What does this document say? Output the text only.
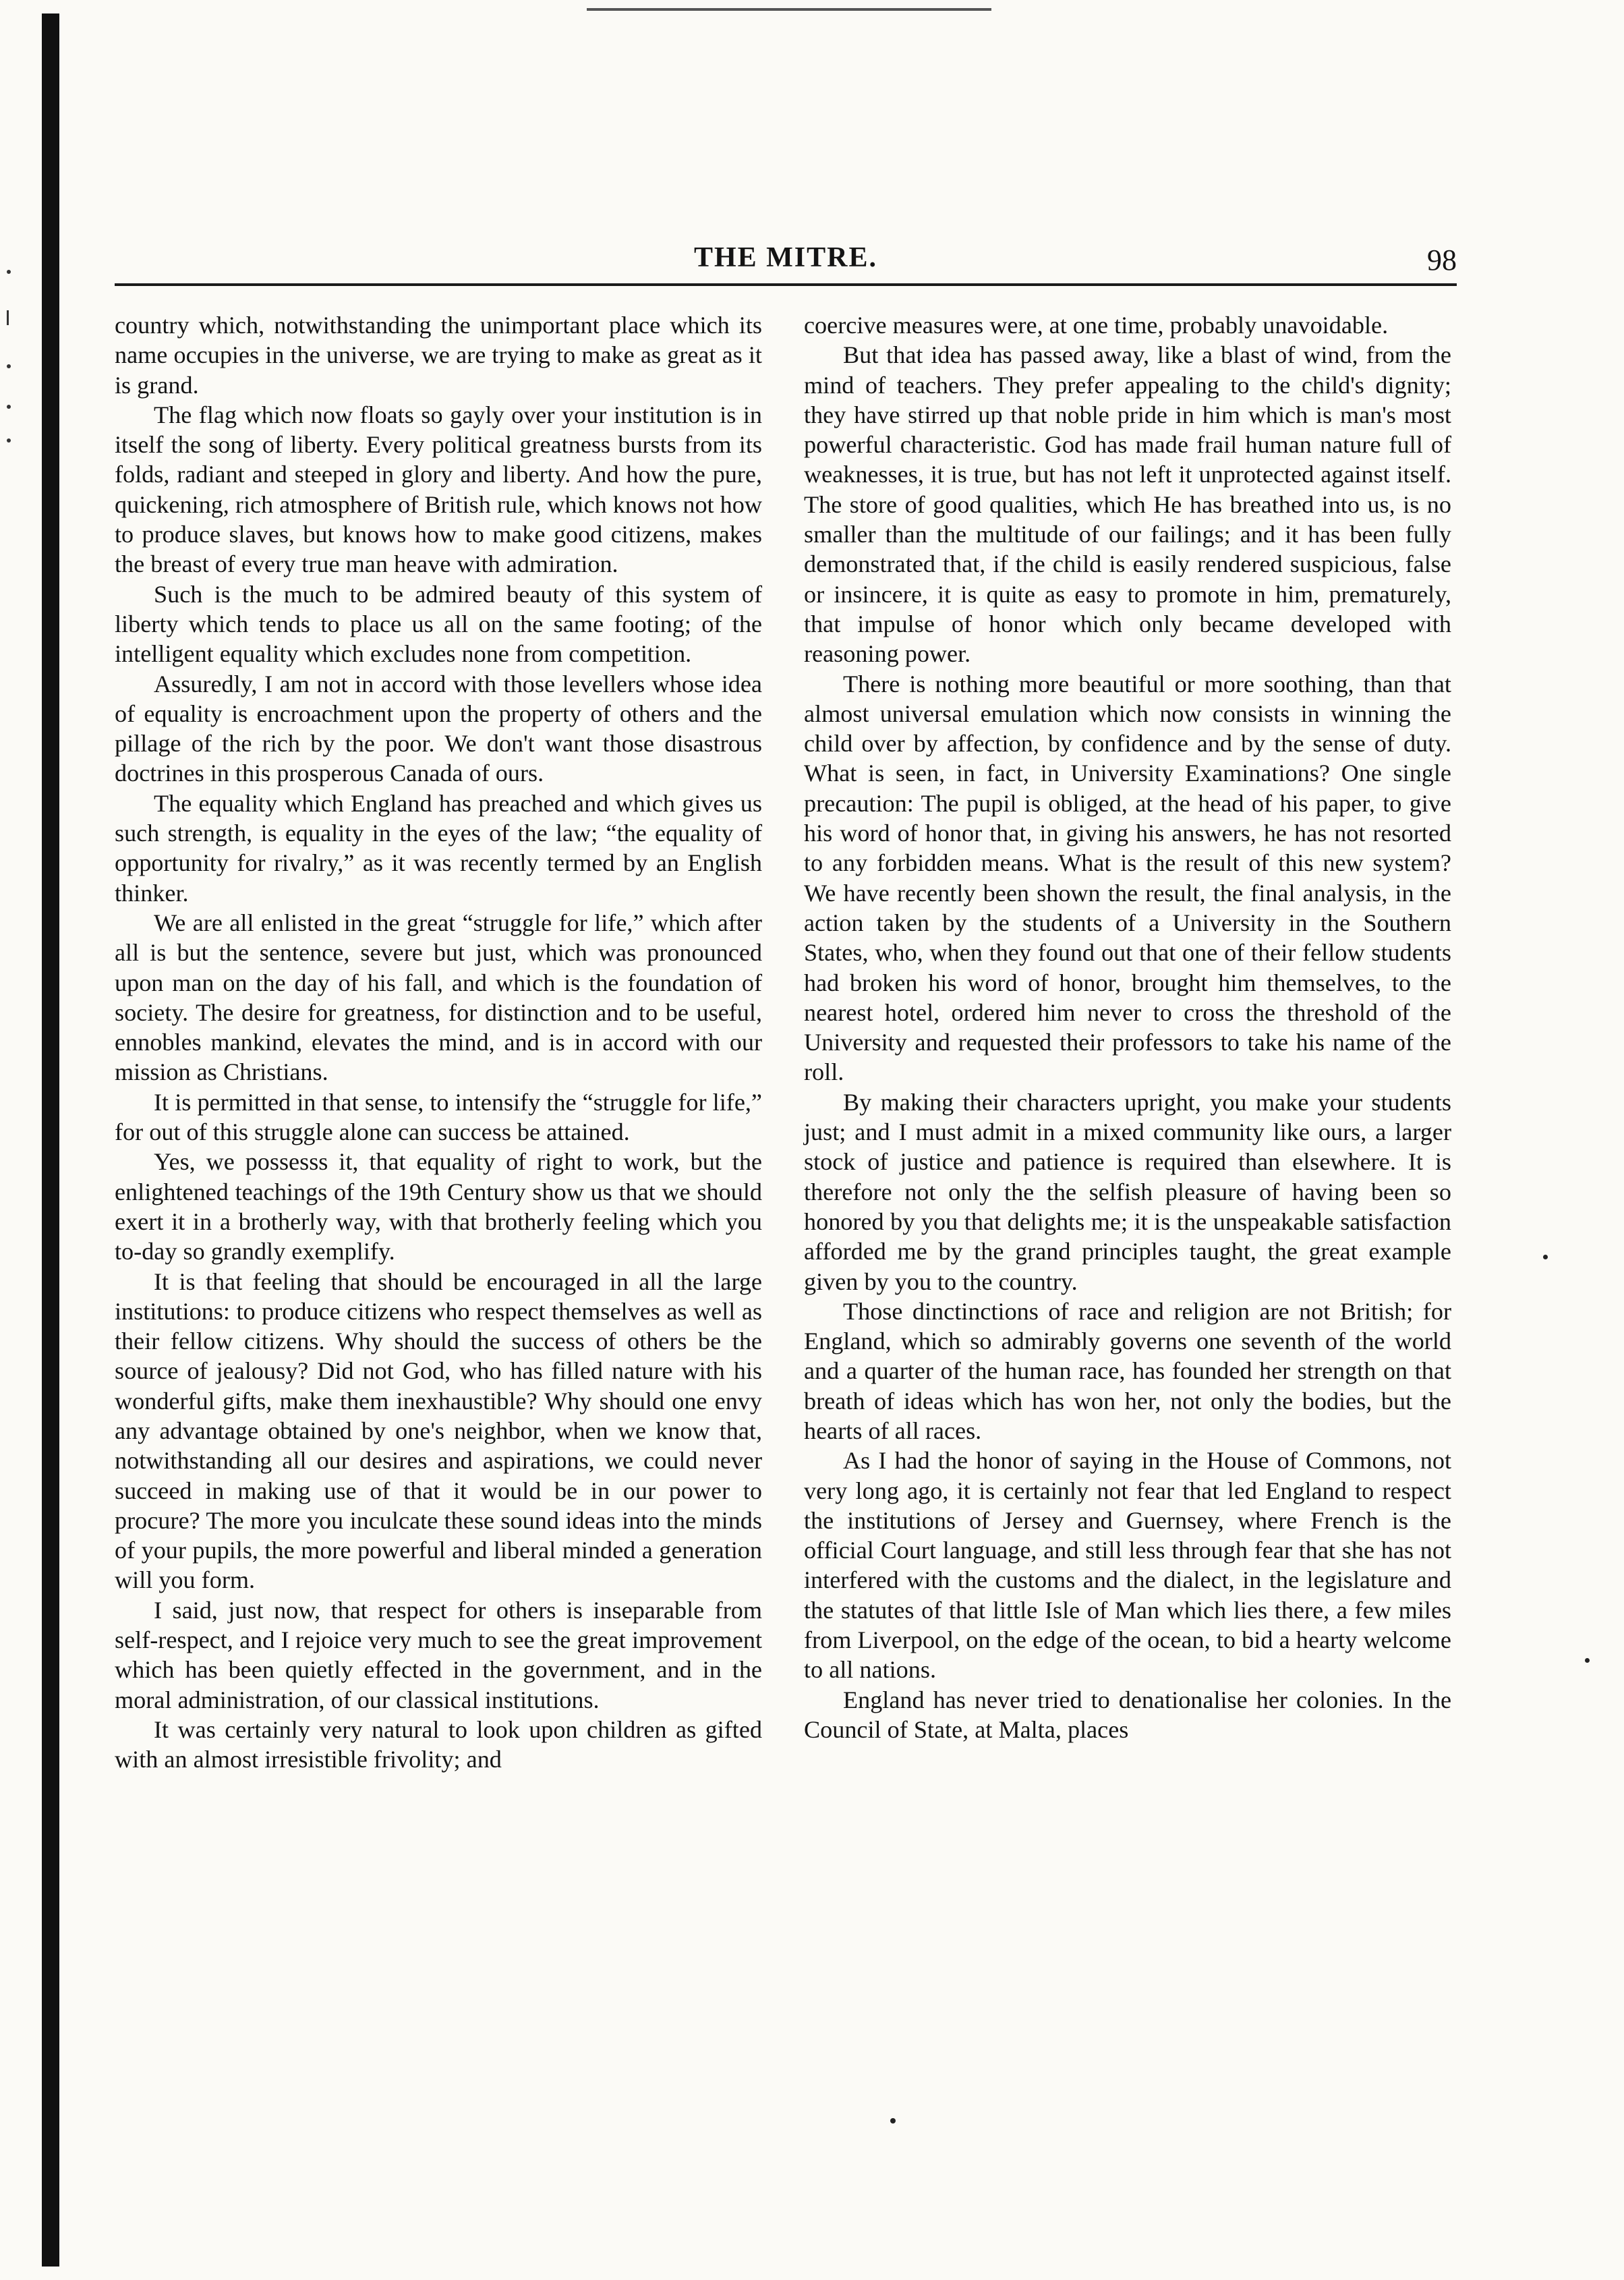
THE MITRE.	98

country which, notwithstanding the unimportant place which its name occupies in the universe, we are trying to make as great as it is grand.

The flag which now floats so gayly over your institution is in itself the song of liberty. Every political greatness bursts from its folds, radiant and steeped in glory and liberty. And how the pure, quickening, rich atmosphere of British rule, which knows not how to produce slaves, but knows how to make good citizens, makes the breast of every true man heave with admiration.

Such is the much to be admired beauty of this system of liberty which tends to place us all on the same footing; of the intelligent equality which excludes none from competition.

Assuredly, I am not in accord with those levellers whose idea of equality is encroachment upon the property of others and the pillage of the rich by the poor. We don't want those disastrous doctrines in this prosperous Canada of ours.

The equality which England has preached and which gives us such strength, is equality in the eyes of the law; “the equality of opportunity for rivalry,” as it was recently termed by an English thinker.

We are all enlisted in the great “struggle for life,” which after all is but the sentence, severe but just, which was pronounced upon man on the day of his fall, and which is the foundation of society. The desire for greatness, for distinction and to be useful, ennobles mankind, elevates the mind, and is in accord with our mission as Christians.

It is permitted in that sense, to intensify the “struggle for life,” for out of this struggle alone can success be attained.

Yes, we possesss it, that equality of right to work, but the enlightened teachings of the 19th Century show us that we should exert it in a brotherly way, with that brotherly feeling which you to-day so grandly exemplify.

It is that feeling that should be encouraged in all the large institutions: to produce citizens who respect themselves as well as their fellow citizens. Why should the success of others be the source of jealousy? Did not God, who has filled nature with his wonderful gifts, make them inexhaustible? Why should one envy any advantage obtained by one's neighbor, when we know that, notwithstanding all our desires and aspirations, we could never succeed in making use of that it would be in our power to procure? The more you inculcate these sound ideas into the minds of your pupils, the more powerful and liberal minded a generation will you form.

I said, just now, that respect for others is inseparable from self-respect, and I rejoice very much to see the great improvement which has been quietly effected in the government, and in the moral administration, of our classical institutions.

It was certainly very natural to look upon children as gifted with an almost irresistible frivolity; and

coercive measures were, at one time, probably unavoidable.

But that idea has passed away, like a blast of wind, from the mind of teachers. They prefer appealing to the child's dignity; they have stirred up that noble pride in him which is man's most powerful characteristic. God has made frail human nature full of weaknesses, it is true, but has not left it unprotected against itself. The store of good qualities, which He has breathed into us, is no smaller than the multitude of our failings; and it has been fully demonstrated that, if the child is easily rendered suspicious, false or insincere, it is quite as easy to promote in him, prematurely, that impulse of honor which only became developed with reasoning power.

There is nothing more beautiful or more soothing, than that almost universal emulation which now consists in winning the child over by affection, by confidence and by the sense of duty. What is seen, in fact, in University Examinations? One single precaution: The pupil is obliged, at the head of his paper, to give his word of honor that, in giving his answers, he has not resorted to any forbidden means. What is the result of this new system? We have recently been shown the result, the final analysis, in the action taken by the students of a University in the Southern States, who, when they found out that one of their fellow students had broken his word of honor, brought him themselves, to the nearest hotel, ordered him never to cross the threshold of the University and requested their professors to take his name of the roll.

By making their characters upright, you make your students just; and I must admit in a mixed community like ours, a larger stock of justice and patience is required than elsewhere. It is therefore not only the the selfish pleasure of having been so honored by you that delights me; it is the unspeakable satisfaction afforded me by the grand principles taught, the great example given by you to the country.

Those dinctinctions of race and religion are not British; for England, which so admirably governs one seventh of the world and a quarter of the human race, has founded her strength on that breath of ideas which has won her, not only the bodies, but the hearts of all races.

As I had the honor of saying in the House of Commons, not very long ago, it is certainly not fear that led England to respect the institutions of Jersey and Guernsey, where French is the official Court language, and still less through fear that she has not interfered with the customs and the dialect, in the legislature and the statutes of that little Isle of Man which lies there, a few miles from Liverpool, on the edge of the ocean, to bid a hearty welcome to all nations.

England has never tried to denationalise her colonies. In the Council of State, at Malta, places
